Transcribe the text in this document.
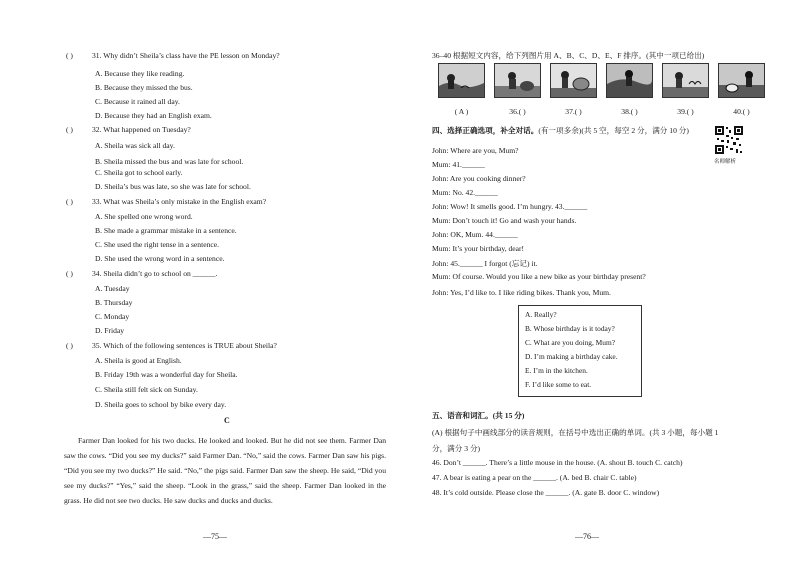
( )	31. Why didn’t Sheila’s class have the PE lesson on Monday?
A. Because they like reading.
B. Because they missed the bus.
C. Because it rained all day.
D. Because they had an English exam.
( )	32. What happened on Tuesday?
A. Sheila was sick all day.
B. Sheila missed the bus and was late for school.
C. Sheila got to school early.
D. Sheila’s bus was late, so she was late for school.
( )	33. What was Sheila’s only mistake in the English exam?
A. She spelled one wrong word.
B. She made a grammar mistake in a sentence.
C. She used the right tense in a sentence.
D. She used the wrong word in a sentence.
( )	34. Sheila didn’t go to school on ______.
A. Tuesday
B. Thursday
C. Monday
D. Friday
( )	35. Which of the following sentences is TRUE about Sheila?
A. Sheila is good at English.
B. Friday 19th was a wonderful day for Sheila.
C. Sheila still felt sick on Sunday.
D. Sheila goes to school by bike every day.
C
Farmer Dan looked for his two ducks. He looked and looked. But he did not see them. Farmer Dan saw the cows. “Did you see my ducks?” said Farmer Dan. “No,” said the cows. Farmer Dan saw his pigs. “Did you see my two ducks?” He said. “No,” the pigs said. Farmer Dan saw the sheep. He said, “Did you see my ducks?” “Yes,” said the sheep. “Look in the grass,” said the sheep. Farmer Dan looked in the grass. He did not see two ducks. He saw ducks and ducks and ducks.
—75—
36–40 根据短文内容，给下列图片用 A、B、C、D、E、F 排序。(其中一项已给出)
( A )	36.( )	37.( )	38.( )	39.( )	40.( )
四、选择正确选项，补全对话。(有一项多余)(共 5 空，每空 2 分，满分 10 分)
名师解析
John: Where are you, Mum?
Mum: 41.______
John: Are you cooking dinner?
Mum: No. 42.______
John: Wow! It smells good. I’m hungry. 43.______
Mum: Don’t touch it! Go and wash your hands.
John: OK, Mum. 44.______
Mum: It’s your birthday, dear!
John: 45.______ I forgot (忘记) it.
Mum: Of course. Would you like a new bike as your birthday present?
John: Yes, I’d like to. I like riding bikes. Thank you, Mum.
A. Really?
B. Whose birthday is it today?
C. What are you doing, Mum?
D. I’m making a birthday cake.
E. I’m in the kitchen.
F. I’d like some to eat.
五、语音和词汇。(共 15 分)
(A) 根据句子中画线部分的读音规则，在括号中选出正确的单词。(共 3 小题，每小题 1
分，满分 3 分)
46. Don’t ______. There’s a little mouse in the house. (A. shout B. touch C. catch)
47. A bear is eating a pear on the ______. (A. bed B. chair C. table)
48. It’s cold outside. Please close the ______. (A. gate B. door C. window)
—76—
